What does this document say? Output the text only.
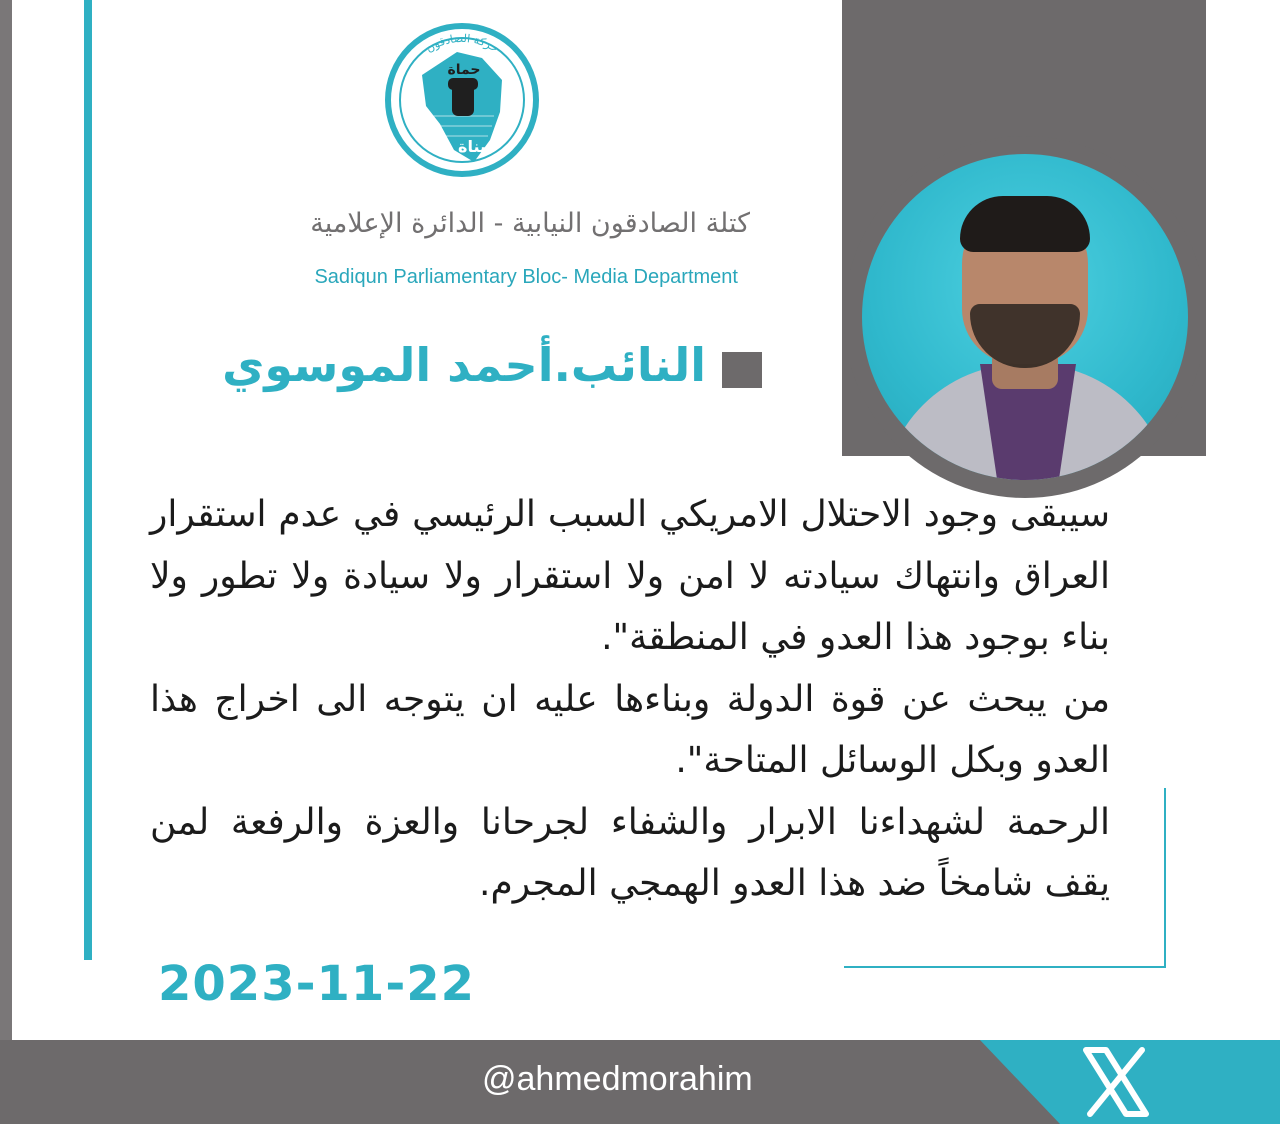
حركة الصادقون
حماة
بناة
كتلة الصادقون النيابية - الدائرة الإعلامية
Sadiqun Parliamentary Bloc- Media Department
النائب.أحمد الموسوي

سيبقى وجود الاحتلال الامريكي السبب الرئيسي في عدم استقرار العراق وانتهاك سيادته لا امن ولا استقرار ولا سيادة ولا تطور ولا بناء بوجود هذا العدو في المنطقة".

من يبحث عن قوة الدولة وبناءها عليه ان يتوجه الى اخراج هذا العدو وبكل الوسائل المتاحة".

الرحمة لشهداءنا الابرار والشفاء لجرحانا والعزة والرفعة لمن يقف شامخاً ضد هذا العدو الهمجي المجرم.

2023-11-22
@ahmedmorahim
